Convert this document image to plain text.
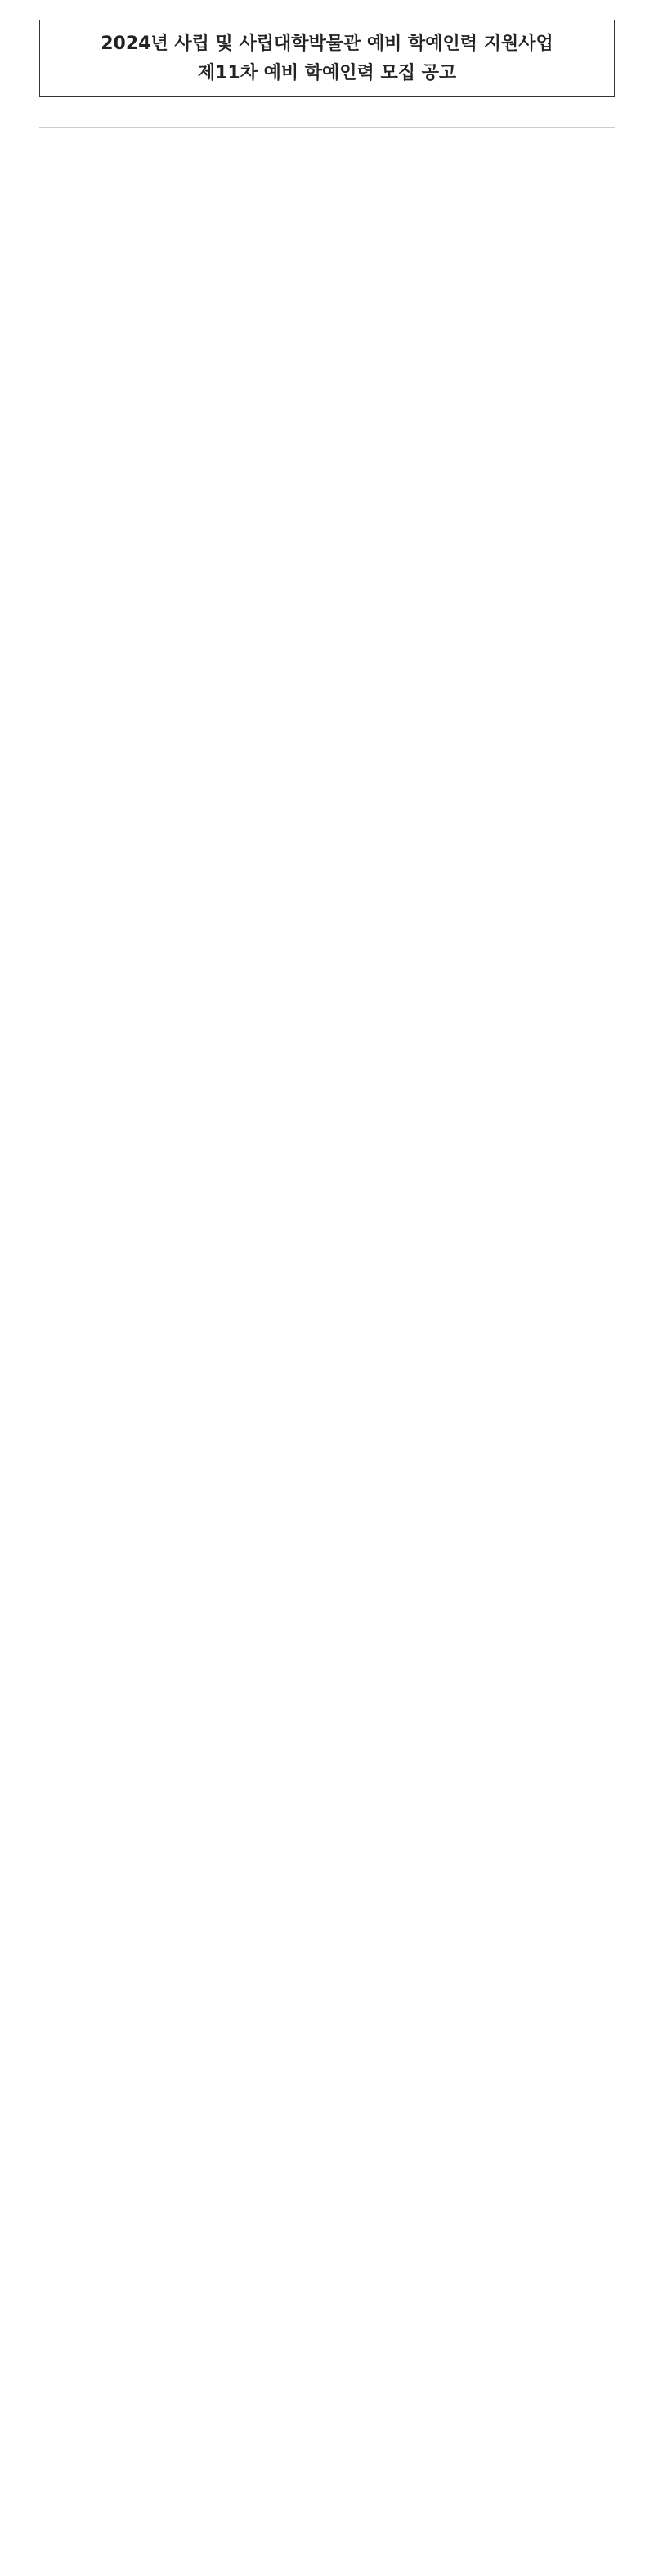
2024년 사립 및 사립대학박물관 예비 학예인력 지원사업
제11차 예비 학예인력 모집 공고
